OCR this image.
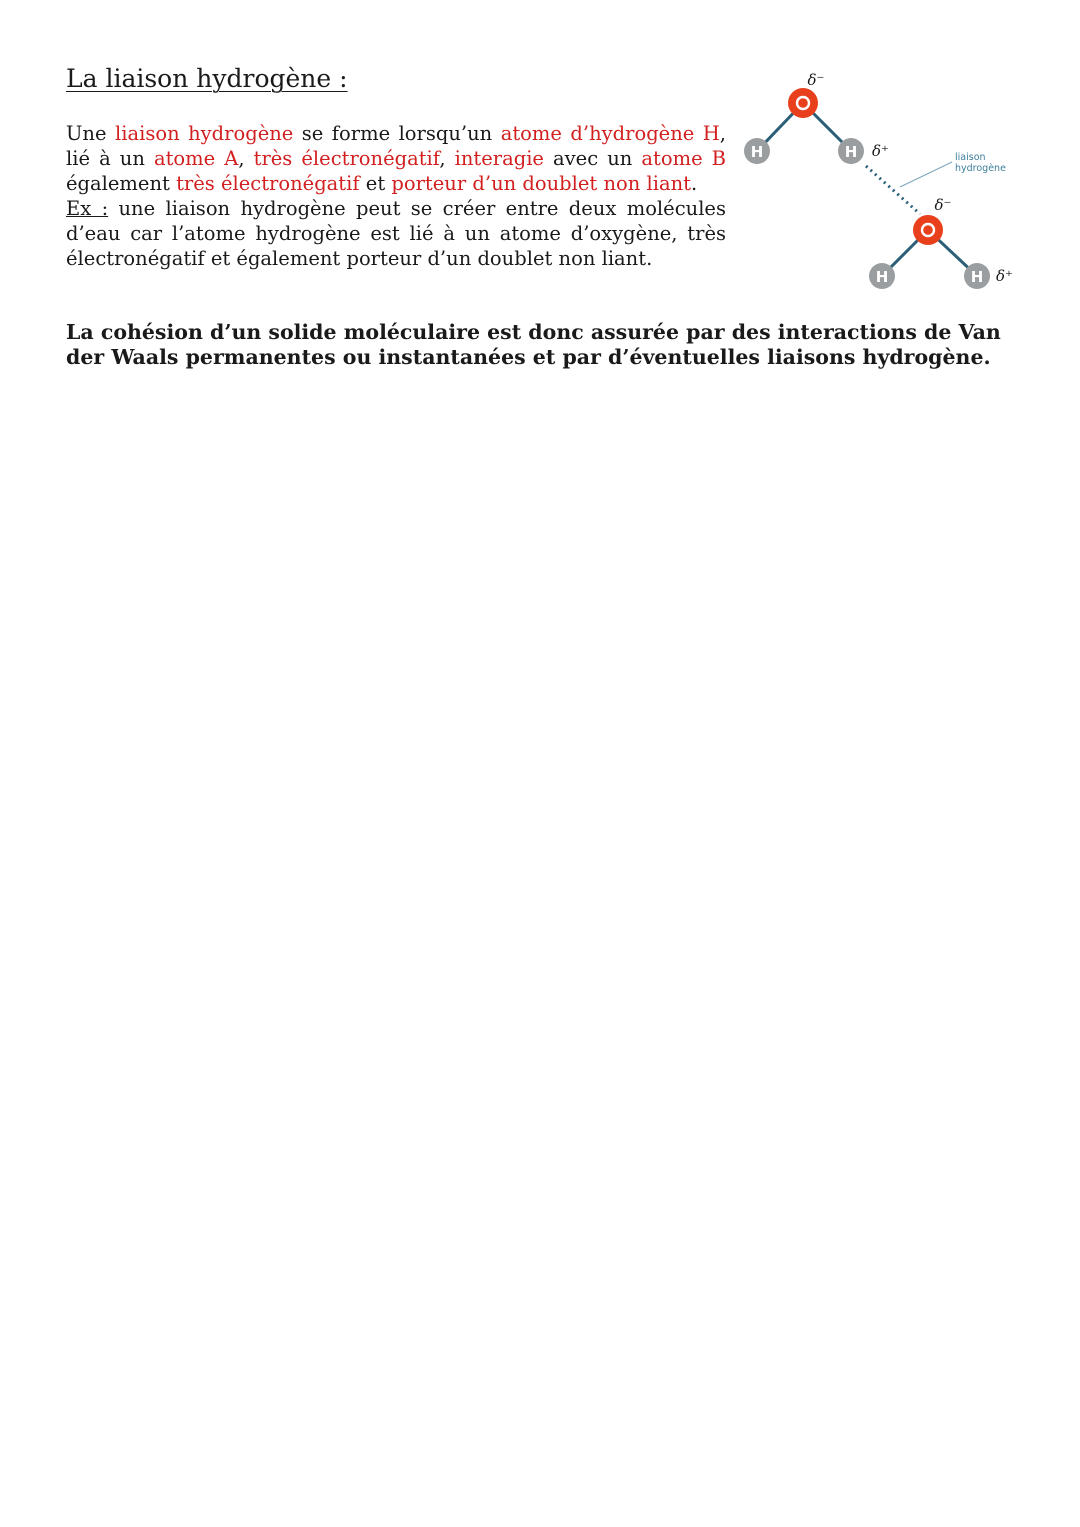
La liaison hydrogène :
Une liaison hydrogène se forme lorsqu’un atome d’hydrogène H, lié à un atome A, très électronégatif, interagie avec un atome B également très électronégatif et porteur d’un doublet non liant.
Ex : une liaison hydrogène peut se créer entre deux molécules d’eau car l’atome hydrogène est lié à un atome d’oxygène, très électronégatif et également porteur d’un doublet non liant.
H
δ⁻
H δ⁺	liaison
hydrogène
δ⁻
H	H δ⁺
La cohésion d’un solide moléculaire est donc assurée par des interactions de Van der Waals permanentes ou instantanées et par d’éventuelles liaisons hydrogène.
